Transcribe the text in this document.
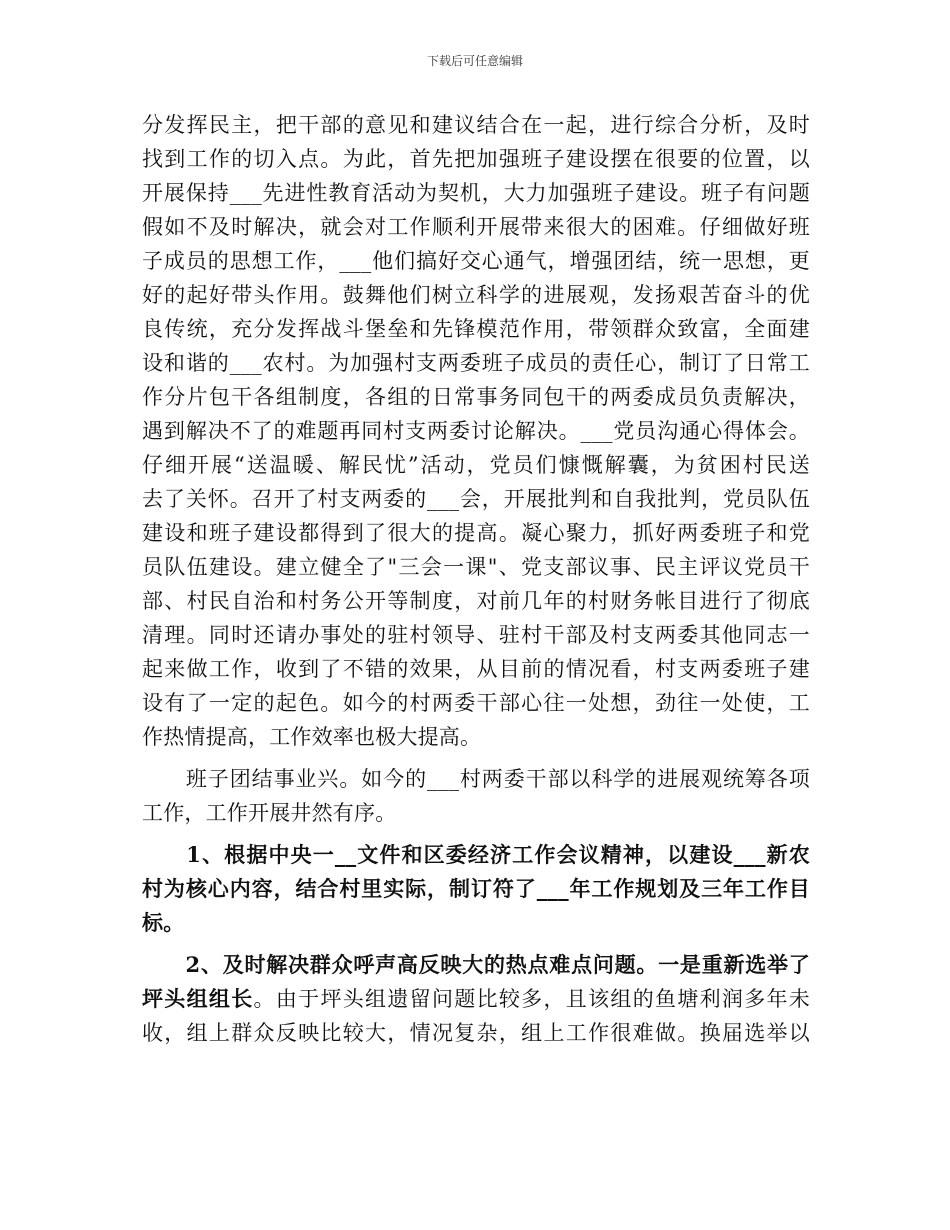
下载后可任意编辑
分发挥民主，把干部的意见和建议结合在一起，进行综合分析，及时
找到工作的切入点。为此，首先把加强班子建设摆在很要的位置，以
开展保持___先进性教育活动为契机，大力加强班子建设。班子有问题
假如不及时解决，就会对工作顺利开展带来很大的困难。仔细做好班
子成员的思想工作，___他们搞好交心通气，增强团结，统一思想，更
好的起好带头作用。鼓舞他们树立科学的进展观，发扬艰苦奋斗的优
良传统，充分发挥战斗堡垒和先锋模范作用，带领群众致富，全面建
设和谐的___农村。为加强村支两委班子成员的责任心，制订了日常工
作分片包干各组制度，各组的日常事务同包干的两委成员负责解决，
遇到解决不了的难题再同村支两委讨论解决。___党员沟通心得体会。
仔细开展“送温暖、解民忧”活动，党员们慷慨解囊，为贫困村民送
去了关怀。召开了村支两委的___会，开展批判和自我批判，党员队伍
建设和班子建设都得到了很大的提高。凝心聚力，抓好两委班子和党
员队伍建设。建立健全了"三会一课"、党支部议事、民主评议党员干
部、村民自治和村务公开等制度，对前几年的村财务帐目进行了彻底
清理。同时还请办事处的驻村领导、驻村干部及村支两委其他同志一
起来做工作，收到了不错的效果，从目前的情况看，村支两委班子建
设有了一定的起色。如今的村两委干部心往一处想，劲往一处使，工
作热情提高，工作效率也极大提高。
　　班子团结事业兴。如今的___村两委干部以科学的进展观统筹各项
工作，工作开展井然有序。
　　1、根据中央一__文件和区委经济工作会议精神，以建设___新农
村为核心内容，结合村里实际，制订符了___年工作规划及三年工作目
标。
　　2、及时解决群众呼声高反映大的热点难点问题。一是重新选举了
坪头组组长。由于坪头组遗留问题比较多，且该组的鱼塘利润多年未
收，组上群众反映比较大，情况复杂，组上工作很难做。换届选举以
